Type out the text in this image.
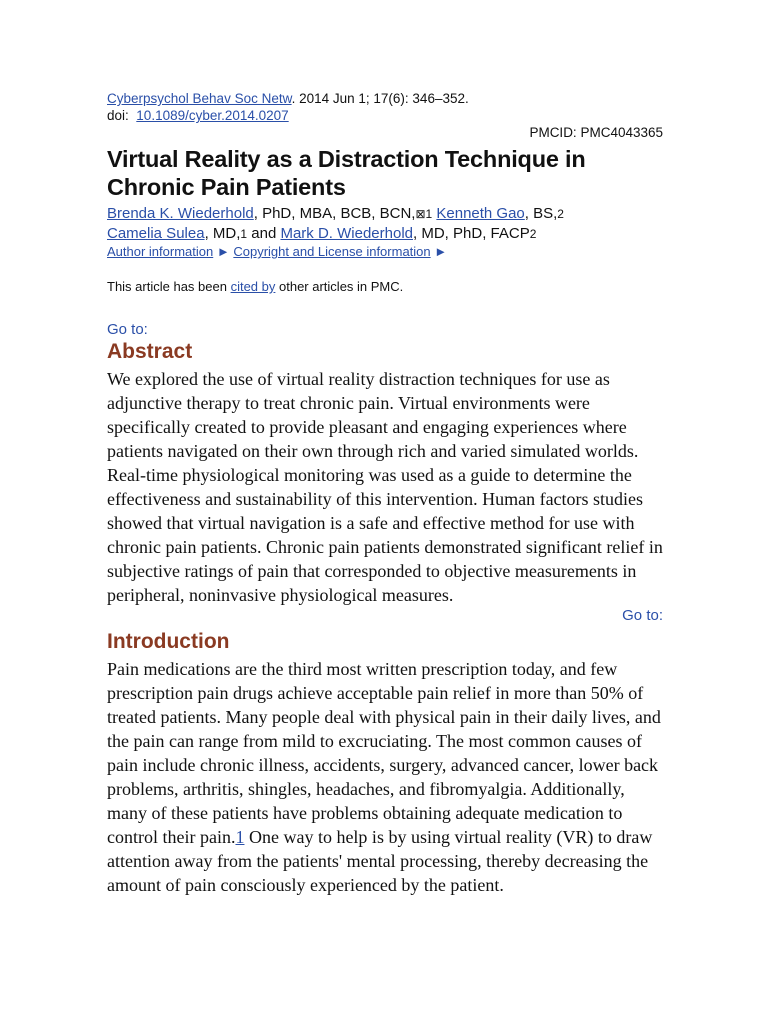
Cyberpsychol Behav Soc Netw. 2014 Jun 1; 17(6): 346–352.
doi: 10.1089/cyber.2014.0207
PMCID: PMC4043365
Virtual Reality as a Distraction Technique in Chronic Pain Patients
Brenda K. Wiederhold, PhD, MBA, BCB, BCN,⊠1 Kenneth Gao, BS,2
Camelia Sulea, MD,1 and Mark D. Wiederhold, MD, PhD, FACP2
Author information ► Copyright and License information ►
This article has been cited by other articles in PMC.
Go to:
Abstract

We explored the use of virtual reality distraction techniques for use as adjunctive therapy to treat chronic pain. Virtual environments were specifically created to provide pleasant and engaging experiences where patients navigated on their own through rich and varied simulated worlds. Real-time physiological monitoring was used as a guide to determine the effectiveness and sustainability of this intervention. Human factors studies showed that virtual navigation is a safe and effective method for use with chronic pain patients. Chronic pain patients demonstrated significant relief in subjective ratings of pain that corresponded to objective measurements in peripheral, noninvasive physiological measures.

Go to:
Introduction

Pain medications are the third most written prescription today, and few prescription pain drugs achieve acceptable pain relief in more than 50% of treated patients. Many people deal with physical pain in their daily lives, and the pain can range from mild to excruciating. The most common causes of pain include chronic illness, accidents, surgery, advanced cancer, lower back problems, arthritis, shingles, headaches, and fibromyalgia. Additionally, many of these patients have problems obtaining adequate medication to control their pain.1 One way to help is by using virtual reality (VR) to draw attention away from the patients' mental processing, thereby decreasing the amount of pain consciously experienced by the patient.
